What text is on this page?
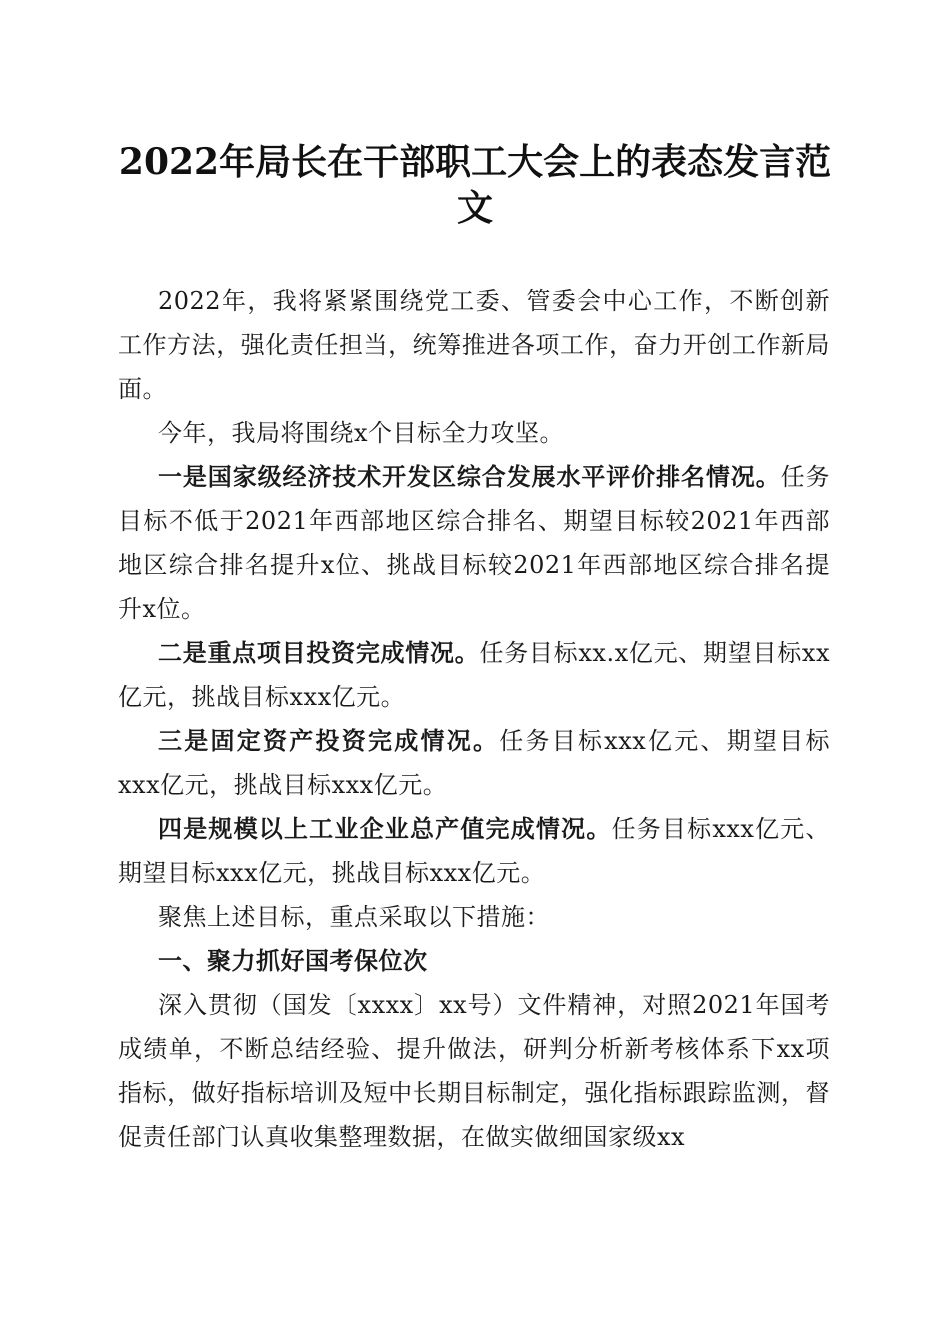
2022年局长在干部职工大会上的表态发言范文

2022年，我将紧紧围绕党工委、管委会中心工作，不断创新工作方法，强化责任担当，统筹推进各项工作，奋力开创工作新局面。

今年，我局将围绕x个目标全力攻坚。

一是国家级经济技术开发区综合发展水平评价排名情况。任务目标不低于2021年西部地区综合排名、期望目标较2021年西部地区综合排名提升x位、挑战目标较2021年西部地区综合排名提升x位。

二是重点项目投资完成情况。任务目标xx.x亿元、期望目标xx亿元，挑战目标xxx亿元。

三是固定资产投资完成情况。任务目标xxx亿元、期望目标xxx亿元，挑战目标xxx亿元。

四是规模以上工业企业总产值完成情况。任务目标xxx亿元、期望目标xxx亿元，挑战目标xxx亿元。

聚焦上述目标，重点采取以下措施：

一、聚力抓好国考保位次

深入贯彻（国发〔xxxx〕xx号）文件精神，对照2021年国考成绩单，不断总结经验、提升做法，研判分析新考核体系下xx项指标，做好指标培训及短中长期目标制定，强化指标跟踪监测，督促责任部门认真收集整理数据，在做实做细国家级xx
